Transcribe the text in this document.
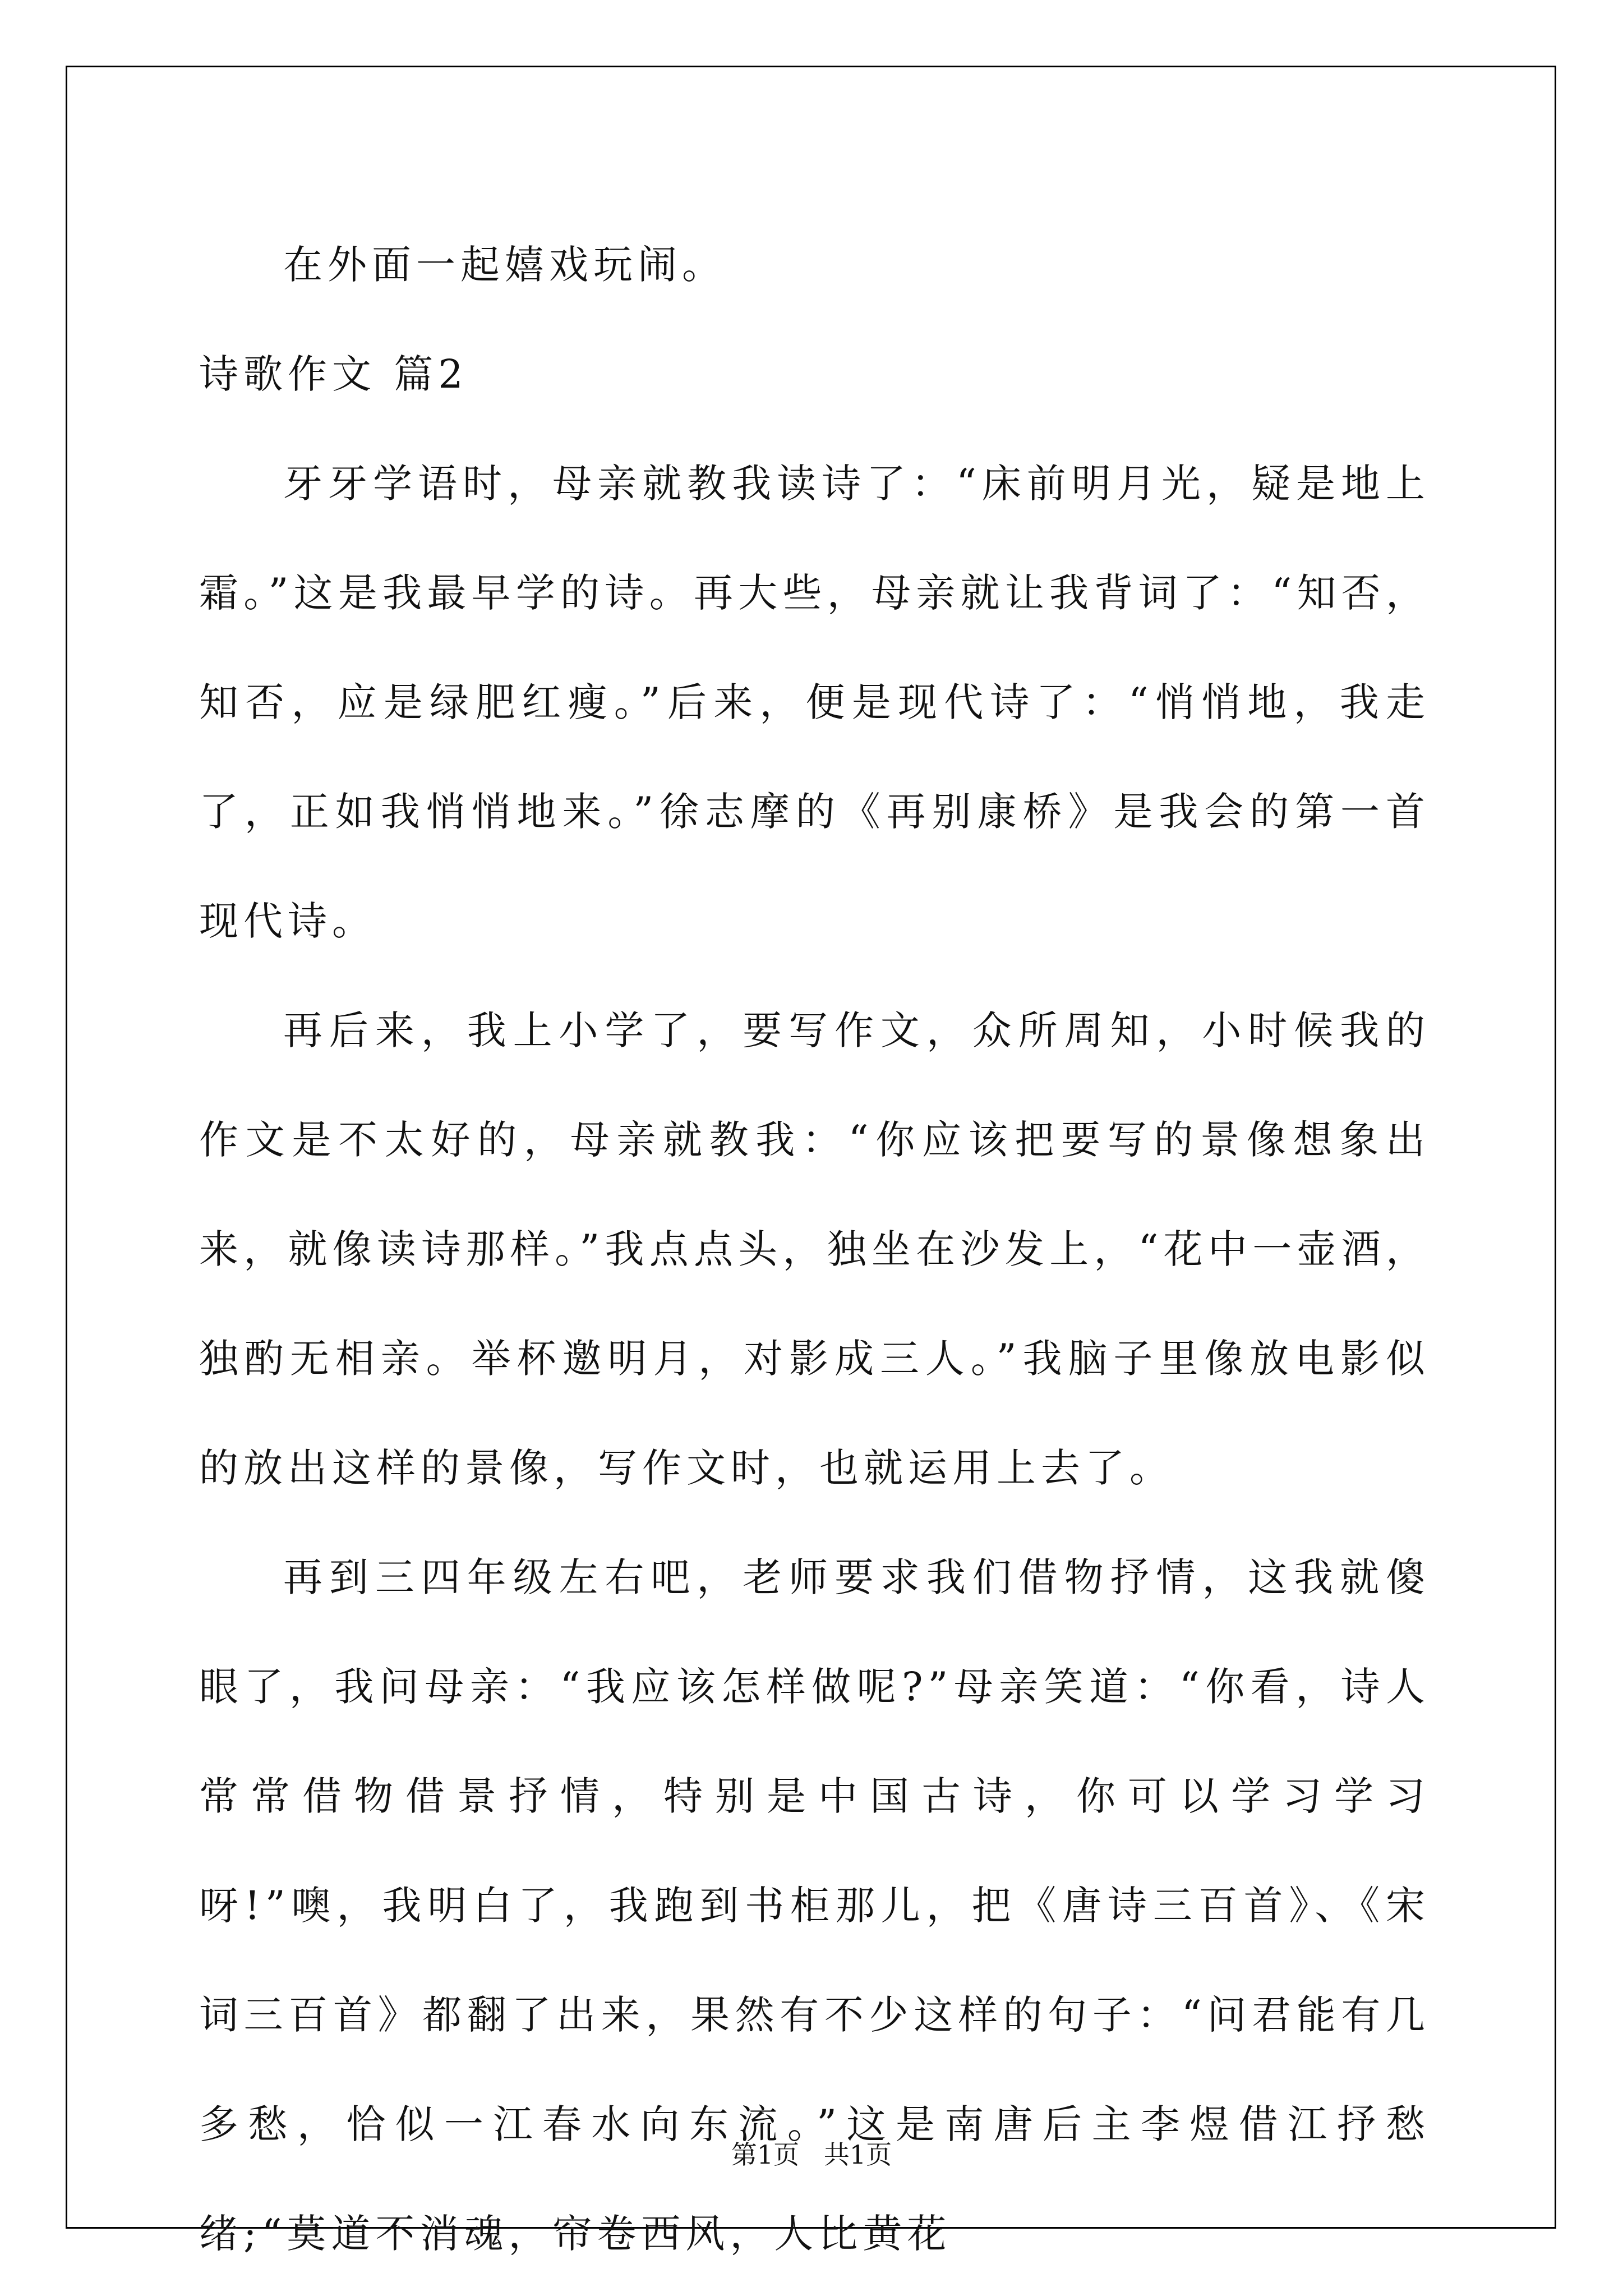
在外面一起嬉戏玩闹。

诗歌作文 篇2

牙牙学语时，母亲就教我读诗了：“床前明月光，疑是地上霜。”这是我最早学的诗。再大些，母亲就让我背词了：“知否，知否，应是绿肥红瘦。”后来，便是现代诗了：“悄悄地，我走了，正如我悄悄地来。”徐志摩的《再别康桥》是我会的第一首现代诗。

再后来，我上小学了，要写作文，众所周知，小时候我的作文是不太好的，母亲就教我：“你应该把要写的景像想象出来，就像读诗那样。”我点点头，独坐在沙发上，“花中一壶酒，独酌无相亲。举杯邀明月，对影成三人。”我脑子里像放电影似的放出这样的景像，写作文时，也就运用上去了。

再到三四年级左右吧，老师要求我们借物抒情，这我就傻眼了，我问母亲：“我应该怎样做呢?”母亲笑道：“你看，诗人常常借物借景抒情，特别是中国古诗，你可以学习学习呀!”噢，我明白了，我跑到书柜那儿，把《唐诗三百首》、《宋词三百首》都翻了出来，果然有不少这样的句子：“问君能有几多愁，恰似一江春水向东流。”这是南唐后主李煜借江抒愁绪;“莫道不消魂，帘卷西风，人比黄花

第1页   共1页
